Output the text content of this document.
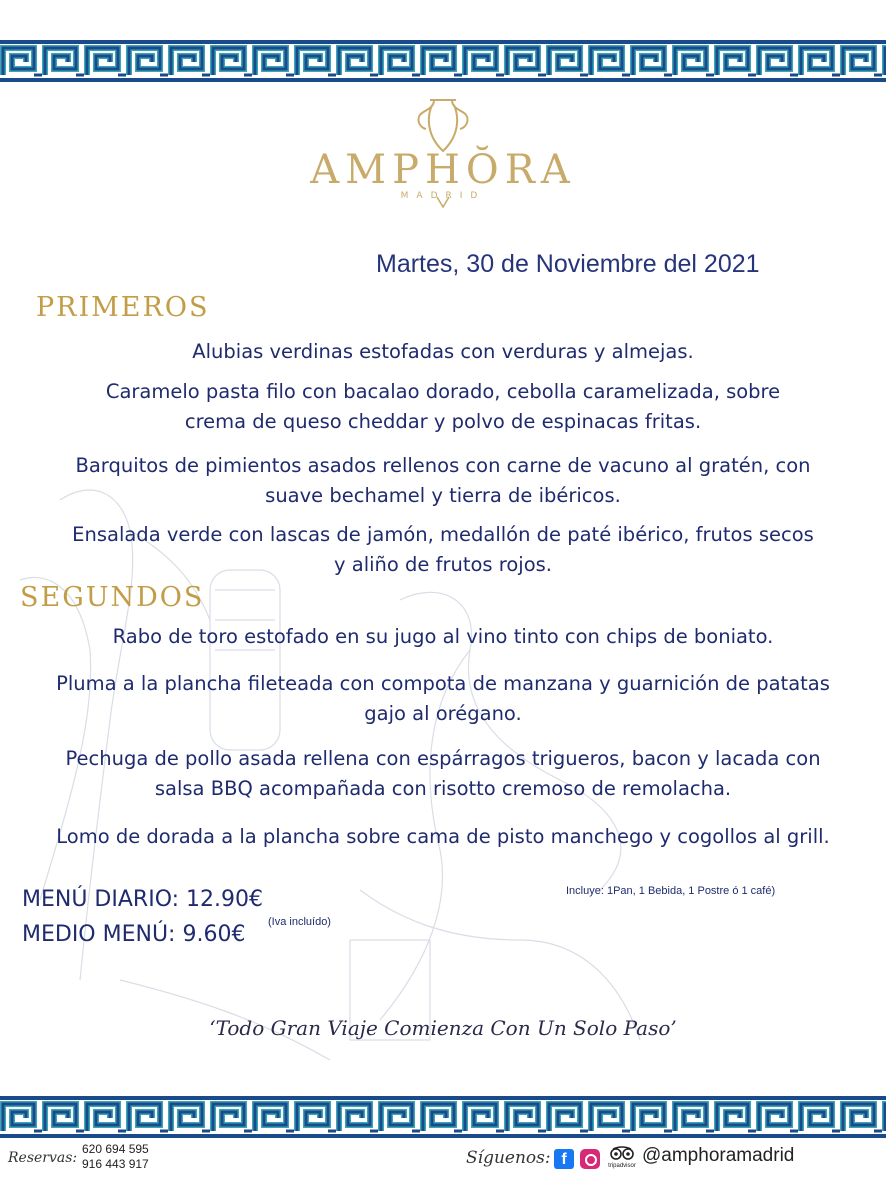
AMPHŎRA
MADRID
Martes, 30 de Noviembre del 2021
PRIMEROS
Alubias verdinas estofadas con verduras y almejas.
Caramelo pasta filo con bacalao dorado, cebolla caramelizada, sobre
crema de queso cheddar y polvo de espinacas fritas.
Barquitos de pimientos asados rellenos con carne de vacuno al gratén, con
suave bechamel y tierra de ibéricos.
Ensalada verde con lascas de jamón, medallón de paté ibérico, frutos secos
y aliño de frutos rojos.
SEGUNDOS
Rabo de toro estofado en su jugo al vino tinto con chips de boniato.
Pluma a la plancha fileteada con compota de manzana y guarnición de patatas
gajo al orégano.
Pechuga de pollo asada rellena con espárragos trigueros, bacon y lacada con
salsa BBQ acompañada con risotto cremoso de remolacha.
Lomo de dorada a la plancha sobre cama de pisto manchego y cogollos al grill.
MENÚ DIARIO: 12.90€	Incluye: 1Pan, 1 Bebida, 1 Postre ó 1 café)
MEDIO MENÚ: 9.60€ (Iva incluído)
‘Todo Gran Viaje Comienza Con Un Solo Paso’
Reservas:
620 694 595
916 443 917	Síguenos: f	tripadvisor @amphoramadrid
